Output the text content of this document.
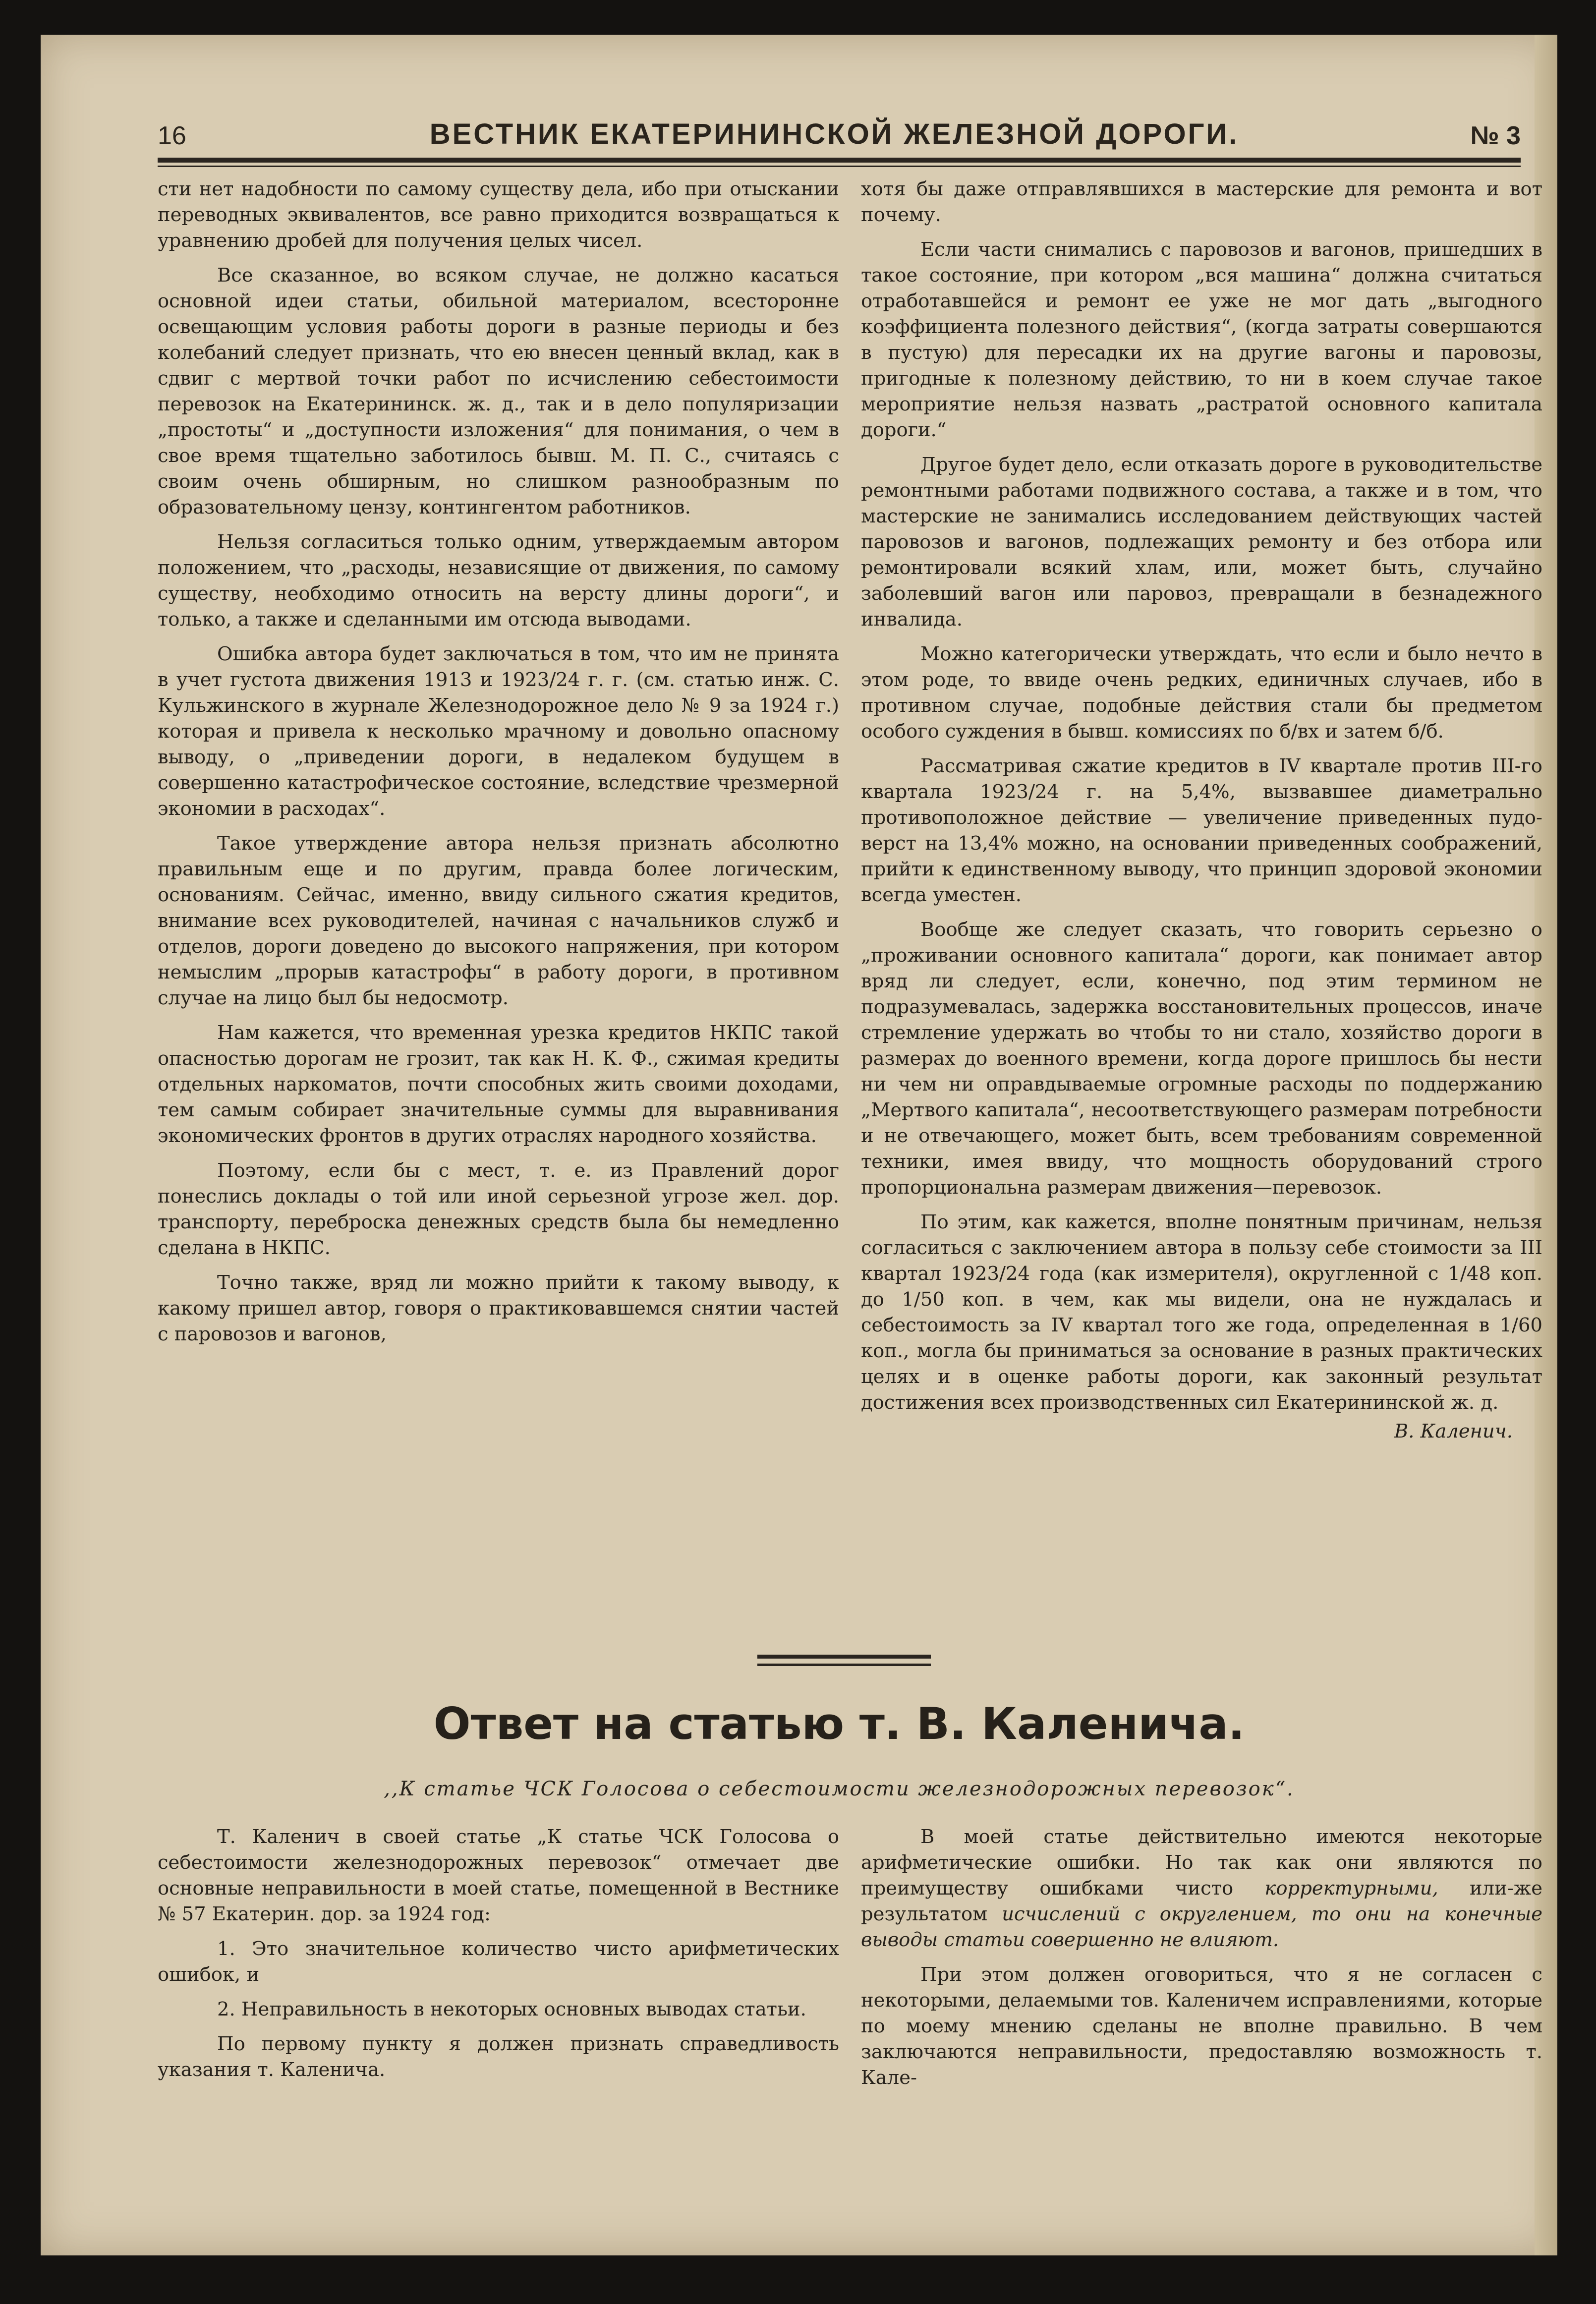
16	ВЕСТНИК ЕКАТЕРИНИНСКОЙ ЖЕЛЕЗНОЙ ДОРОГИ.	№ 3

сти нет надобности по самому существу дела, ибо при отыскании переводных эквивалентов, все равно приходится возвращаться к уравнению дробей для получения целых чисел.

Все сказанное, во всяком случае, не должно касаться основной идеи статьи, обильной материалом, всесторонне освещающим условия работы дороги в разные периоды и без колебаний следует признать, что ею внесен ценный вклад, как в сдвиг с мертвой точки работ по исчислению себестоимости перевозок на Екатерининск. ж. д., так и в дело популяризации „простоты“ и „доступности изложения“ для понимания, о чем в свое время тщательно заботилось бывш. М. П. С., считаясь с своим очень обширным, но слишком разнообразным по образовательному цензу, контингентом работников.

Нельзя согласиться только одним, утверждаемым автором положением, что „расходы, независящие от движения, по самому существу, необходимо относить на версту длины дороги“, и только, а также и сделанными им отсюда выводами.

Ошибка автора будет заключаться в том, что им не принята в учет густота движения 1913 и 1923/24 г. г. (см. статью инж. С. Кульжинского в журнале Железнодорожное дело № 9 за 1924 г.) которая и привела к несколько мрачному и довольно опасному выводу, о „приведении дороги, в недалеком будущем в совершенно катастрофическое состояние, вследствие чрезмерной экономии в расходах“.

Такое утверждение автора нельзя признать абсолютно правильным еще и по другим, правда более логическим, основаниям. Сейчас, именно, ввиду сильного сжатия кредитов, внимание всех руководителей, начиная с начальников служб и отделов, дороги доведено до высокого напряжения, при котором немыслим „прорыв катастрофы“ в работу дороги, в противном случае на лицо был бы недосмотр.

Нам кажется, что временная урезка кредитов НКПС такой опасностью дорогам не грозит, так как Н. К. Ф., сжимая кредиты отдельных наркоматов, почти способных жить своими доходами, тем самым собирает значительные суммы для выравнивания экономических фронтов в других отраслях народного хозяйства.

Поэтому, если бы с мест, т. е. из Правлений дорог понеслись доклады о той или иной серьезной угрозе жел. дор. транспорту, переброска денежных средств была бы немедленно сделана в НКПС.

Точно также, вряд ли можно прийти к такому выводу, к какому пришел автор, говоря о практиковавшемся снятии частей с паровозов и вагонов,

хотя бы даже отправлявшихся в мастерские для ремонта и вот почему.

Если части снимались с паровозов и вагонов, пришедших в такое состояние, при котором „вся машина“ должна считаться отработавшейся и ремонт ее уже не мог дать „выгодного коэффициента полезного действия“, (когда затраты совершаются в пустую) для пересадки их на другие вагоны и паровозы, пригодные к полезному действию, то ни в коем случае такое мероприятие нельзя назвать „растратой основного капитала дороги.“

Другое будет дело, если отказать дороге в руководительстве ремонтными работами подвижного состава, а также и в том, что мастерские не занимались исследованием действующих частей паровозов и вагонов, подлежащих ремонту и без отбора или ремонтировали всякий хлам, или, может быть, случайно заболевший вагон или паровоз, превращали в безнадежного инвалида.

Можно категорически утверждать, что если и было нечто в этом роде, то ввиде очень редких, единичных случаев, ибо в противном случае, подобные действия стали бы предметом особого суждения в бывш. комиссиях по б/вх и затем б/б.

Рассматривая сжатие кредитов в IV квартале против III-го квартала 1923/24 г. на 5,4%, вызвавшее диаметрально противоположное действие — увеличение приведенных пудо-верст на 13,4% можно, на основании приведенных соображений, прийти к единственному выводу, что принцип здоровой экономии всегда уместен.

Вообще же следует сказать, что говорить серьезно о „проживании основного капитала“ дороги, как понимает автор вряд ли следует, если, конечно, под этим термином не подразумевалась, задержка восстановительных процессов, иначе стремление удержать во чтобы то ни стало, хозяйство дороги в размерах до военного времени, когда дороге пришлось бы нести ни чем ни оправдываемые огромные расходы по поддержанию „Мертвого капитала“, несоответствующего размерам потребности и не отвечающего, может быть, всем требованиям современной техники, имея ввиду, что мощность оборудований строго пропорциональна размерам движения—перевозок.

По этим, как кажется, вполне понятным причинам, нельзя согласиться с заключением автора в пользу себе стоимости за III квартал 1923/24 года (как измерителя), округленной с 1/48 коп. до 1/50 коп. в чем, как мы видели, она не нуждалась и себестоимость за IV квартал того же года, определенная в 1/60 коп., могла бы приниматься за основание в разных практических целях и в оценке работы дороги, как законный результат достижения всех производственных сил Екатерининской ж. д.

В. Каленич.
Ответ на статью т. В. Каленича.
,,К статье ЧСК Голосова о себестоимости железнодорожных перевозок“.

Т. Каленич в своей статье „К статье ЧСК Голосова о себестоимости железнодорожных перевозок“ отмечает две основные неправильности в моей статье, помещенной в Вестнике № 57 Екатерин. дор. за 1924 год:

1. Это значительное количество чисто арифметических ошибок, и

2. Неправильность в некоторых основных выводах статьи.

По первому пункту я должен признать справедливость указания т. Каленича.

В моей статье действительно имеются некоторые арифметические ошибки. Но так как они являются по преимуществу ошибками чисто корректурными, или-же результатом исчислений с округлением, то они на конечные выводы статьи совершенно не влияют.

При этом должен оговориться, что я не согласен с некоторыми, делаемыми тов. Каленичем исправлениями, которые по моему мнению сделаны не вполне правильно. В чем заключаются неправильности, предоставляю возможность т. Кале-
